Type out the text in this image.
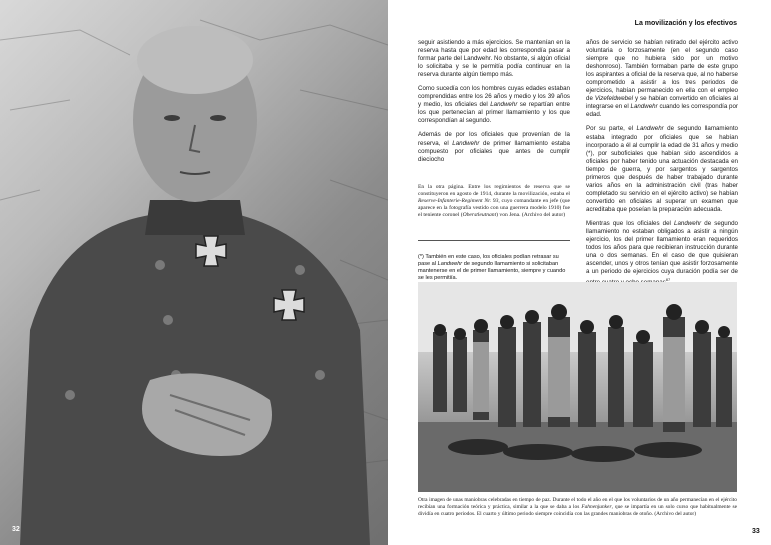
32
La movilización y los efectivos

seguir asistiendo a más ejercicios. Se mantenían en la reserva hasta que por edad les correspondía pasar a formar parte del Landwehr. No obstante, si algún oficial lo solicitaba y se le permitía podía continuar en la reserva durante algún tiempo más.

Como sucedía con los hombres cuyas edades estaban comprendidas entre los 26 años y medio y los 39 años y medio, los oficiales del Landwehr se repartían entre los que pertenecían al primer llamamiento y los que correspondían al segundo.

Además de por los oficiales que provenían de la reserva, el Landwehr de primer llamamiento estaba compuesto por oficiales que antes de cumplir dieciocho

En la otra página. Entre los regimientos de reserva que se constituyeron en agosto de 1914, durante la movilización, estaba el Reserve-Infanterie-Regiment Nr. 93, cuyo comandante en jefe (que aparece en la fotografía vestido con una guerrera modelo 1910) fue el teniente coronel (Oberstleutnant) von Jena. (Archivo del autor)
(*) También en este caso, los oficiales podían retrasar su pase al Landwehr de segundo llamamiento si solicitaban mantenerse en el de primer llamamiento, siempre y cuando se les permitiía.

años de servicio se habían retirado del ejército activo voluntaria o forzosamente (en el segundo caso siempre que no hubiera sido por un motivo deshonroso). También formaban parte de este grupo los aspirantes a oficial de la reserva que, al no haberse comprometido a asistir a los tres periodos de ejercicios, habían permanecido en ella con el empleo de Vizefeldwebel y se habían convertido en oficiales al integrarse en el Landwehr cuando les correspondía por edad.

Por su parte, el Landwehr de segundo llamamiento estaba integrado por oficiales que se habían incorporado a él al cumplir la edad de 31 años y medio (*), por suboficiales que habían sido ascendidos a oficiales por haber tenido una actuación destacada en tiempo de guerra, y por sargentos y sargentos primeros que después de haber trabajado durante varios años en la administración civil (tras haber completado su servicio en el ejército activo) se habían convertido en oficiales al superar un examen que acreditaba que poseían la preparación adecuada.

Mientras que los oficiales del Landwehr de segundo llamamiento no estaban obligados a asistir a ningún ejercicio, los del primer llamamiento eran requeridos todos los años para que recibieran instrucción durante una o dos semanas. En el caso de que quisieran ascender, unos y otros tenían que asistir forzosamente a un periodo de ejercicios cuya duración podía ser de $^{87}$

Otra imagen de unas maniobras celebradas en tiempo de paz. Durante el todo el año en el que los voluntarios de un año permanecían en el ejército recibían una formación teórica y práctica, similar a la que se daba a los Fahnenjunker, que se impartía en un solo curso que habitualmente se dividía en cuatro periodos. El cuarto y último periodo siempre coincidía con las grandes maniobras de otoño. (Archivo del autor)
33
